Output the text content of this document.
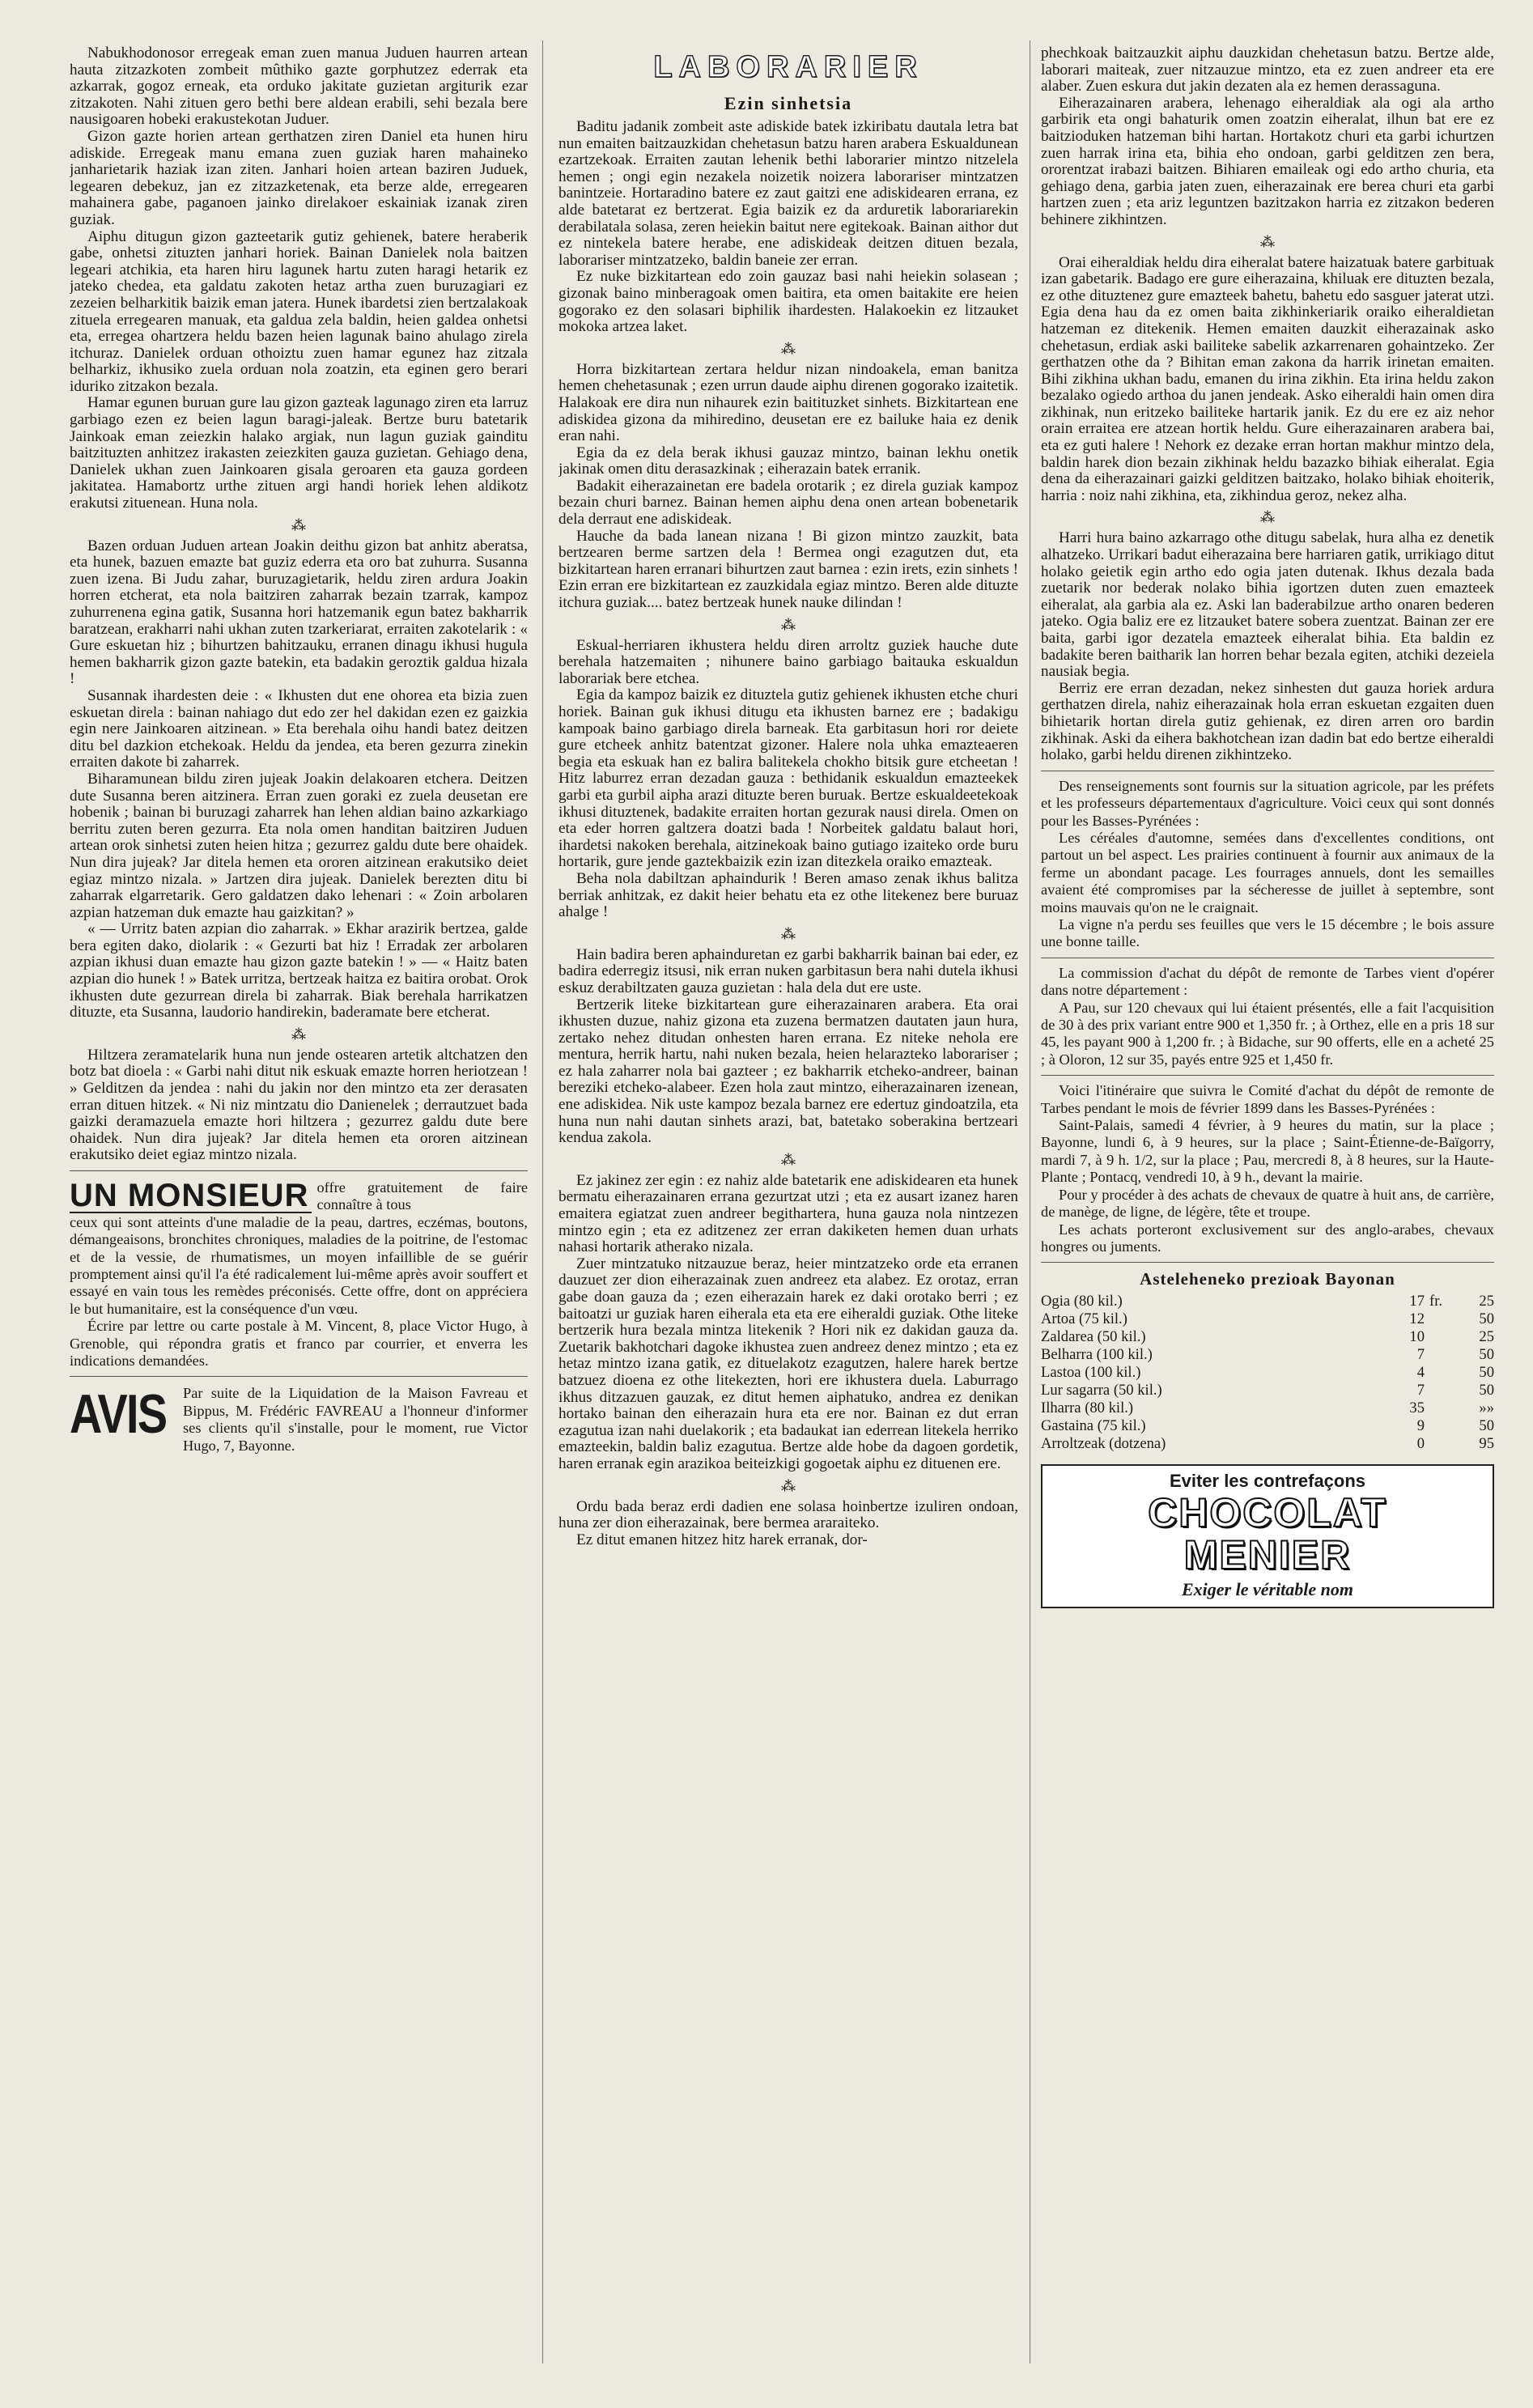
Nabukhodonosor erregeak eman zuen manua Juduen haurren artean hauta zitzazkoten zombeit mûthiko gazte gorphutzez ederrak eta azkarrak, gogoz erneak, eta orduko jakitate guzietan argiturik ezar zitzakoten. Nahi zituen gero bethi bere aldean erabili, sehi bezala bere nausigoaren hobeki erakustekotan Juduer.

Gizon gazte horien artean gerthatzen ziren Daniel eta hunen hiru adiskide. Erregeak manu emana zuen guziak haren mahaineko janharietarik haziak izan ziten. Janhari hoien artean baziren Juduek, legearen debekuz, jan ez zitzazketenak, eta berze alde, erregearen mahainera gabe, paganoen jainko direlakoer eskainiak izanak ziren guziak.

Aiphu ditugun gizon gazteetarik gutiz gehienek, batere heraberik gabe, onhetsi zituzten janhari horiek. Bainan Danielek nola baitzen legeari atchikia, eta haren hiru lagunek hartu zuten haragi hetarik ez jateko chedea, eta galdatu zakoten hetaz artha zuen buruzagiari ez zezeien belharkitik baizik eman jatera. Hunek ibardetsi zien bertzalakoak zituela erregearen manuak, eta galdua zela baldin, heien galdea onhetsi eta, erregea ohartzera heldu bazen heien lagunak baino ahulago zirela itchuraz. Danielek orduan othoiztu zuen hamar egunez haz zitzala belharkiz, ikhusiko zuela orduan nola zoatzin, eta eginen gero berari iduriko zitzakon bezala.

Hamar egunen buruan gure lau gizon gazteak lagunago ziren eta larruz garbiago ezen ez beien lagun baragi-jaleak. Bertze buru batetarik Jainkoak eman zeiezkin halako argiak, nun lagun guziak gainditu baitzituzten anhitzez irakasten zeiezkiten gauza guzietan. Gehiago dena, Danielek ukhan zuen Jainkoaren gisala geroaren eta gauza gordeen jakitatea. Hamabortz urthe zituen argi handi horiek lehen aldikotz erakutsi zituenean. Huna nola.

⁂

Bazen orduan Juduen artean Joakin deithu gizon bat anhitz aberatsa, eta hunek, bazuen emazte bat guziz ederra eta oro bat zuhurra. Susanna zuen izena. Bi Judu zahar, buruzagietarik, heldu ziren ardura Joakin horren etcherat, eta nola baitziren zaharrak bezain tzarrak, kampoz zuhurrenena egina gatik, Susanna hori hatzemanik egun batez bakharrik baratzean, erakharri nahi ukhan zuten tzarkeriarat, erraiten zakotelarik : « Gure eskuetan hiz ; bihurtzen bahitzauku, erranen dinagu ikhusi hugula hemen bakharrik gizon gazte batekin, eta badakin geroztik galdua hizala !

Susannak ihardesten deie : « Ikhusten dut ene ohorea eta bizia zuen eskuetan direla : bainan nahiago dut edo zer hel dakidan ezen ez gaizkia egin nere Jainkoaren aitzinean. » Eta berehala oihu handi batez deitzen ditu bel dazkion etchekoak. Heldu da jendea, eta beren gezurra zinekin erraiten dakote bi zaharrek.

Biharamunean bildu ziren jujeak Joakin delakoaren etchera. Deitzen dute Susanna beren aitzinera. Erran zuen goraki ez zuela deusetan ere hobenik ; bainan bi buruzagi zaharrek han lehen aldian baino azkarkiago berritu zuten beren gezurra. Eta nola omen handitan baitziren Juduen artean orok sinhetsi zuten heien hitza ; gezurrez galdu dute bere ohaidek. Nun dira jujeak? Jar ditela hemen eta ororen aitzinean erakutsiko deiet egiaz mintzo nizala. » Jartzen dira jujeak. Danielek berezten ditu bi zaharrak elgarretarik. Gero galdatzen dako lehenari : « Zoin arbolaren azpian hatzeman duk emazte hau gaizkitan? »

« — Urritz baten azpian dio zaharrak. » Ekhar arazirik bertzea, galde bera egiten dako, diolarik : « Gezurti bat hiz ! Erradak zer arbolaren azpian ikhusi duan emazte hau gizon gazte batekin ! » — « Haitz baten azpian dio hunek ! » Batek urritza, bertzeak haitza ez baitira orobat. Orok ikhusten dute gezurrean direla bi zaharrak. Biak berehala harrikatzen dituzte, eta Susanna, laudorio handirekin, baderamate bere etcherat.

⁂

Hiltzera zeramatelarik huna nun jende ostearen artetik altchatzen den botz bat dioela : « Garbi nahi ditut nik eskuak emazte horren heriotzean ! » Gelditzen da jendea : nahi du jakin nor den mintzo eta zer derasaten erran dituen hitzek. « Ni niz mintzatu dio Danienelek ; derrautzuet bada gaizki deramazuela emazte hori hiltzera ; gezurrez galdu dute bere ohaidek. Nun dira jujeak? Jar ditela hemen eta ororen aitzinean erakutsiko deiet egiaz mintzo nizala.

UN MONSIEUR offre gratuitement de faire connaître à tous

ceux qui sont atteints d'une maladie de la peau, dartres, eczémas, boutons, démangeaisons, bronchites chroniques, maladies de la poitrine, de l'estomac et de la vessie, de rhumatismes, un moyen infaillible de se guérir promptement ainsi qu'il l'a été radicalement lui-même après avoir souffert et essayé en vain tous les remèdes préconisés. Cette offre, dont on appréciera le but humanitaire, est la conséquence d'un vœu.

Écrire par lettre ou carte postale à M. Vincent, 8, place Victor Hugo, à Grenoble, qui répondra gratis et franco par courrier, et enverra les indications demandées.

AVIS	Par suite de la Liquidation de la Maison Favreau et Bippus, M. Frédéric FAVREAU a l'honneur d'informer ses clients qu'il s'installe, pour le moment, rue Victor Hugo, 7, Bayonne.

LABORARIER
Ezin sinhetsia

Baditu jadanik zombeit aste adiskide batek izkiribatu dautala letra bat nun emaiten baitzauzkidan chehetasun batzu haren arabera Eskualdunean ezartzekoak. Erraiten zautan lehenik bethi laborarier mintzo nitzelela hemen ; ongi egin nezakela noizetik noizera laborariser mintzatzen banintzeie. Hortaradino batere ez zaut gaitzi ene adiskidearen errana, ez alde batetarat ez bertzerat. Egia baizik ez da arduretik laborariarekin derabilatala solasa, zeren heiekin baitut nere egitekoak. Bainan aithor dut ez nintekela batere herabe, ene adiskideak deitzen dituen bezala, laborariser mintzatzeko, baldin baneie zer erran.

Ez nuke bizkitartean edo zoin gauzaz basi nahi heiekin solasean ; gizonak baino minberagoak omen baitira, eta omen baitakite ere heien gogorako ez den solasari biphilik ihardesten. Halakoekin ez litzauket mokoka artzea laket.

⁂

Horra bizkitartean zertara heldur nizan nindoakela, eman banitza hemen chehetasunak ; ezen urrun daude aiphu direnen gogorako izaitetik. Halakoak ere dira nun nihaurek ezin baitituzket sinhets. Bizkitartean ene adiskidea gizona da mihiredino, deusetan ere ez bailuke haia ez denik eran nahi.

Egia da ez dela berak ikhusi gauzaz mintzo, bainan lekhu onetik jakinak omen ditu derasazkinak ; eiherazain batek erranik.

Badakit eiherazainetan ere badela orotarik ; ez direla guziak kampoz bezain churi barnez. Bainan hemen aiphu dena onen artean bobenetarik dela derraut ene adiskideak.

Hauche da bada lanean nizana ! Bi gizon mintzo zauzkit, bata bertzearen berme sartzen dela ! Bermea ongi ezagutzen dut, eta bizkitartean haren erranari bihurtzen zaut barnea : ezin irets, ezin sinhets ! Ezin erran ere bizkitartean ez zauzkidala egiaz mintzo. Beren alde dituzte itchura guziak.... batez bertzeak hunek nauke dilindan !

⁂

Eskual-herriaren ikhustera heldu diren arroltz guziek hauche dute berehala hatzemaiten ; nihunere baino garbiago baitauka eskualdun laborariak bere etchea.

Egia da kampoz baizik ez dituztela gutiz gehienek ikhusten etche churi horiek. Bainan guk ikhusi ditugu eta ikhusten barnez ere ; badakigu kampoak baino garbiago direla barneak. Eta garbitasun hori ror deiete gure etcheek anhitz batentzat gizoner. Halere nola uhka emazteaeren begia eta eskuak han ez balira balitekela chokho bitsik gure etcheetan ! Hitz laburrez erran dezadan gauza : bethidanik eskualdun emazteekek garbi eta gurbil aipha arazi dituzte beren buruak. Bertze eskualdeetekoak ikhusi dituztenek, badakite erraiten hortan gezurak nausi direla. Omen on eta eder horren galtzera doatzi bada ! Norbeitek galdatu balaut hori, ihardetsi nakoken berehala, aitzinekoak baino gutiago izaiteko orde buru hortarik, gure jende gaztekbaizik ezin izan ditezkela oraiko emazteak.

Beha nola dabiltzan aphaindurik ! Beren amaso zenak ikhus balitza berriak anhitzak, ez dakit heier behatu eta ez othe litekenez bere buruaz ahalge !

⁂

Hain badira beren aphainduretan ez garbi bakharrik bainan bai eder, ez badira ederregiz itsusi, nik erran nuken garbitasun bera nahi dutela ikhusi eskuz derabiltzaten gauza guzietan : hala dela dut ere uste.

Bertzerik liteke bizkitartean gure eiherazainaren arabera. Eta orai ikhusten duzue, nahiz gizona eta zuzena bermatzen dautaten jaun hura, zertako nehez ditudan onhesten haren errana. Ez niteke nehola ere mentura, herrik hartu, nahi nuken bezala, heien helarazteko laborariser ; ez hala zaharrer nola bai gazteer ; ez bakharrik etcheko-andreer, bainan bereziki etcheko-alabeer. Ezen hola zaut mintzo, eiherazainaren izenean, ene adiskidea. Nik uste kampoz bezala barnez ere edertuz gindoatzila, eta huna nun nahi dautan sinhets arazi, bat, batetako soberakina bertzeari kendua zakola.

⁂

Ez jakinez zer egin : ez nahiz alde batetarik ene adiskidearen eta hunek bermatu eiherazainaren errana gezurtzat utzi ; eta ez ausart izanez haren emaitera egiatzat zuen andreer begithartera, huna gauza nola nintzezen mintzo egin ; eta ez aditzenez zer erran dakiketen hemen duan urhats nahasi hortarik atherako nizala.

Zuer mintzatuko nitzauzue beraz, heier mintzatzeko orde eta erranen dauzuet zer dion eiherazainak zuen andreez eta alabez. Ez orotaz, erran gabe doan gauza da ; ezen eiherazain harek ez daki orotako berri ; ez baitoatzi ur guziak haren eiherala eta eta ere eiheraldi guziak. Othe liteke bertzerik hura bezala mintza litekenik ? Hori nik ez dakidan gauza da. Zuetarik bakhotchari dagoke ikhustea zuen andreez denez mintzo ; eta ez hetaz mintzo izana gatik, ez dituelakotz ezagutzen, halere harek bertze batzuez dioena ez othe litekezten, hori ere ikhustera duela. Laburrago ikhus ditzazuen gauzak, ez ditut hemen aiphatuko, andrea ez denikan hortako bainan den eiherazain hura eta ere nor. Bainan ez dut erran ezagutua izan nahi duelakorik ; eta badaukat ian ederrean litekela herriko emazteekin, baldin baliz ezagutua. Bertze alde hobe da dagoen gordetik, haren erranak egin arazikoa beiteizkigi gogoetak aiphu ez dituenen ere.

⁂

Ordu bada beraz erdi dadien ene solasa hoinbertze izuliren ondoan, huna zer dion eiherazainak, bere bermea araraiteko.

Ez ditut emanen hitzez hitz harek erranak, dor-

phechkoak baitzauzkit aiphu dauzkidan chehetasun batzu. Bertze alde, laborari maiteak, zuer nitzauzue mintzo, eta ez zuen andreer eta ere alaber. Zuen eskura dut jakin dezaten ala ez hemen derassaguna.

Eiherazainaren arabera, lehenago eiheraldiak ala ogi ala artho garbirik eta ongi bahaturik omen zoatzin eiheralat, ilhun bat ere ez baitzioduken hatzeman bihi hartan. Hortakotz churi eta garbi ichurtzen zuen harrak irina eta, bihia eho ondoan, garbi gelditzen zen bera, ororentzat irabazi baitzen. Bihiaren emaileak ogi edo artho churia, eta gehiago dena, garbia jaten zuen, eiherazainak ere berea churi eta garbi hartzen zuen ; eta ariz leguntzen bazitzakon harria ez zitzakon bederen behinere zikhintzen.

⁂

Orai eiheraldiak heldu dira eiheralat batere haizatuak batere garbituak izan gabetarik. Badago ere gure eiherazaina, khiluak ere dituzten bezala, ez othe dituztenez gure emazteek bahetu, bahetu edo sasguer jaterat utzi. Egia dena hau da ez omen baita zikhinkeriarik oraiko eiheraldietan hatzeman ez ditekenik. Hemen emaiten dauzkit eiherazainak asko chehetasun, erdiak aski bailiteke sabelik azkarrenaren gohaintzeko. Zer gerthatzen othe da ? Bihitan eman zakona da harrik irinetan emaiten. Bihi zikhina ukhan badu, emanen du irina zikhin. Eta irina heldu zakon bezalako ogiedo arthoa du janen jendeak. Asko eiheraldi hain omen dira zikhinak, nun eritzeko bailiteke hartarik janik. Ez du ere ez aiz nehor orain erraitea ere atzean hortik heldu. Gure eiherazainaren arabera bai, eta ez guti halere ! Nehork ez dezake erran hortan makhur mintzo dela, baldin harek dion bezain zikhinak heldu bazazko bihiak eiheralat. Egia dena da eiherazainari gaizki gelditzen baitzako, holako bihiak ehoiterik, harria : noiz nahi zikhina, eta, zikhindua geroz, nekez alha.

⁂

Harri hura baino azkarrago othe ditugu sabelak, hura alha ez denetik alhatzeko. Urrikari badut eiherazaina bere harriaren gatik, urrikiago ditut holako geietik egin artho edo ogia jaten dutenak. Ikhus dezala bada zuetarik nor bederak nolako bihia igortzen duten zuen emazteek eiheralat, ala garbia ala ez. Aski lan baderabilzue artho onaren bederen jateko. Ogia baliz ere ez litzauket batere sobera zuentzat. Bainan zer ere baita, garbi igor dezatela emazteek eiheralat bihia. Eta baldin ez badakite beren baitharik lan horren behar bezala egiten, atchiki dezeiela nausiak begia.

Berriz ere erran dezadan, nekez sinhesten dut gauza horiek ardura gerthatzen direla, nahiz eiherazainak hola erran eskuetan ezgaiten duen bihietarik hortan direla gutiz gehienak, ez diren arren oro bardin zikhinak. Aski da eihera bakhotchean izan dadin bat edo bertze eiheraldi holako, garbi heldu direnen zikhintzeko.

Des renseignements sont fournis sur la situation agricole, par les préfets et les professeurs départementaux d'agriculture. Voici ceux qui sont donnés pour les Basses-Pyrénées :

Les céréales d'automne, semées dans d'excellentes conditions, ont partout un bel aspect. Les prairies continuent à fournir aux animaux de la ferme un abondant pacage. Les fourrages annuels, dont les semailles avaient été compromises par la sécheresse de juillet à septembre, sont moins mauvais qu'on ne le craignait.

La vigne n'a perdu ses feuilles que vers le 15 décembre ; le bois assure une bonne taille.

La commission d'achat du dépôt de remonte de Tarbes vient d'opérer dans notre département :

A Pau, sur 120 chevaux qui lui étaient présentés, elle a fait l'acquisition de 30 à des prix variant entre 900 et 1,350 fr. ; à Orthez, elle en a pris 18 sur 45, les payant 900 à 1,200 fr. ; à Bidache, sur 90 offerts, elle en a acheté 25 ; à Oloron, 12 sur 35, payés entre 925 et 1,450 fr.

Voici l'itinéraire que suivra le Comité d'achat du dépôt de remonte de Tarbes pendant le mois de février 1899 dans les Basses-Pyrénées :

Saint-Palais, samedi 4 février, à 9 heures du matin, sur la place ; Bayonne, lundi 6, à 9 heures, sur la place ; Saint-Étienne-de-Baïgorry, mardi 7, à 9 h. 1/2, sur la place ; Pau, mercredi 8, à 8 heures, sur la Haute-Plante ; Pontacq, vendredi 10, à 9 h., devant la mairie.

Pour y procéder à des achats de chevaux de quatre à huit ans, de carrière, de manège, de ligne, de légère, tête et troupe.

Les achats porteront exclusivement sur des anglo-arabes, chevaux hongres ou juments.

Asteleheneko prezioak Bayonan
Ogia (80 kil.)	17	fr.	25
Artoa (75 kil.)	12		50
Zaldarea (50 kil.)	10		25
Belharra (100 kil.)	7		50
Lastoa (100 kil.)	4		50
Lur sagarra (50 kil.)	7		50
Ilharra (80 kil.)	35		»»
Gastaina (75 kil.)	9		50
Arroltzeak (dotzena)	0		95
Eviter les contrefaçons
CHOCOLAT
MENIER
Exiger le véritable nom
